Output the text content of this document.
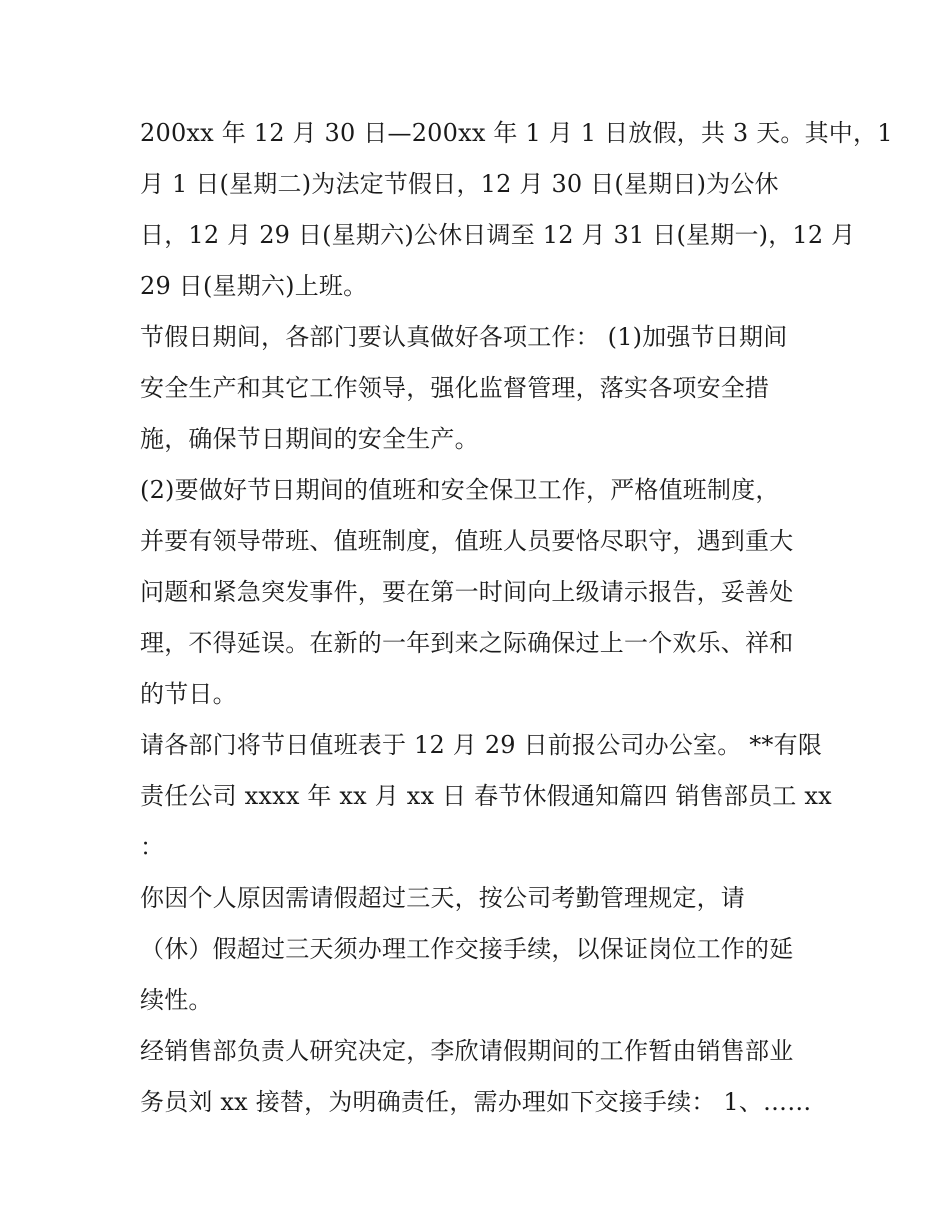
200xx 年 12 月 30 日—200xx 年 1 月 1 日放假，共 3 天。其中，1
月 1 日(星期二)为法定节假日，12 月 30 日(星期日)为公休
日，12 月 29 日(星期六)公休日调至 12 月 31 日(星期一)，12 月
29 日(星期六)上班。
节假日期间，各部门要认真做好各项工作： (1)加强节日期间
安全生产和其它工作领导，强化监督管理，落实各项安全措
施，确保节日期间的安全生产。
(2)要做好节日期间的值班和安全保卫工作，严格值班制度，
并要有领导带班、值班制度，值班人员要恪尽职守，遇到重大
问题和紧急突发事件，要在第一时间向上级请示报告，妥善处
理，不得延误。在新的一年到来之际确保过上一个欢乐、祥和
的节日。
请各部门将节日值班表于 12 月 29 日前报公司办公室。 **有限
责任公司 xxxx 年 xx 月 xx 日 春节休假通知篇四 销售部员工 xx
：
你因个人原因需请假超过三天，按公司考勤管理规定，请
（休）假超过三天须办理工作交接手续，以保证岗位工作的延
续性。
经销售部负责人研究决定，李欣请假期间的工作暂由销售部业
务员刘 xx 接替，为明确责任，需办理如下交接手续： 1、……
